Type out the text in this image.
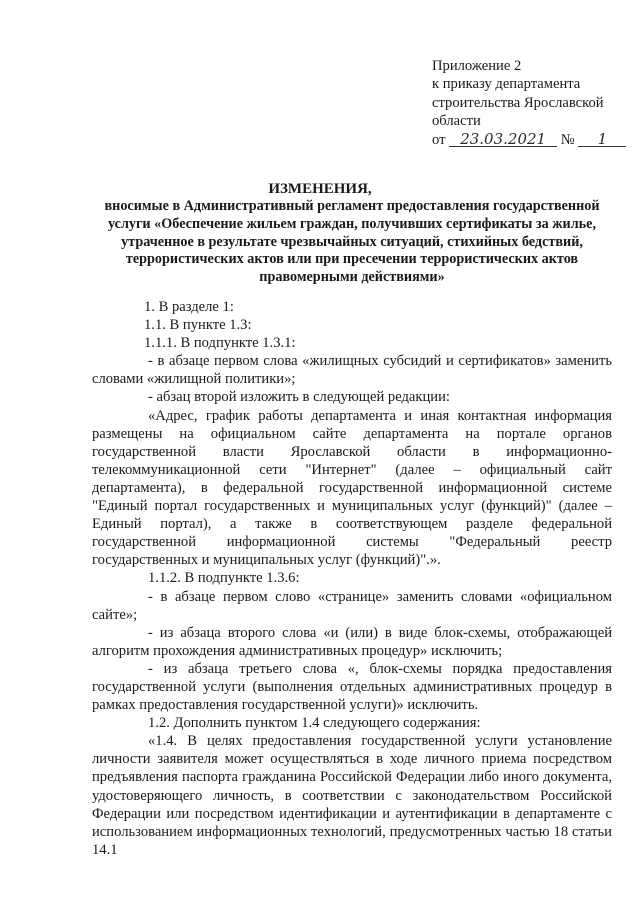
Приложение 2
к приказу департамента
строительства Ярославской
области
от 23.03.2021 № 1
ИЗМЕНЕНИЯ,
вносимые в Административный регламент предоставления государственной услуги «Обеспечение жильем граждан, получивших сертификаты за жилье, утраченное в результате чрезвычайных ситуаций, стихийных бедствий, террористических актов или при пресечении террористических актов правомерными действиями»

1. В разделе 1:

1.1. В пункте 1.3:

1.1.1. В подпункте 1.3.1:

- в абзаце первом слова «жилищных субсидий и сертификатов» заменить словами «жилищной политики»;

- абзац второй изложить в следующей редакции:

«Адрес, график работы департамента и иная контактная информация размещены на официальном сайте департамента на портале органов государственной власти Ярославской области в информационно-телекоммуникационной сети "Интернет" (далее – официальный сайт департамента), в федеральной государственной информационной системе "Единый портал государственных и муниципальных услуг (функций)" (далее – Единый портал), а также в соответствующем разделе федеральной государственной информационной системы "Федеральный реестр государственных и муниципальных услуг (функций)".».

1.1.2. В подпункте 1.3.6:

- в абзаце первом слово «странице» заменить словами «официальном сайте»;

- из абзаца второго слова «и (или) в виде блок-схемы, отображающей алгоритм прохождения административных процедур» исключить;

- из абзаца третьего слова «, блок-схемы порядка предоставления государственной услуги (выполнения отдельных административных процедур в рамках предоставления государственной услуги)» исключить.

1.2. Дополнить пунктом 1.4 следующего содержания:

«1.4. В целях предоставления государственной услуги установление личности заявителя может осуществляться в ходе личного приема посредством предъявления паспорта гражданина Российской Федерации либо иного документа, удостоверяющего личность, в соответствии с законодательством Российской Федерации или посредством идентификации и аутентификации в департаменте с использованием информационных технологий, предусмотренных частью 18 статьи 14.1
